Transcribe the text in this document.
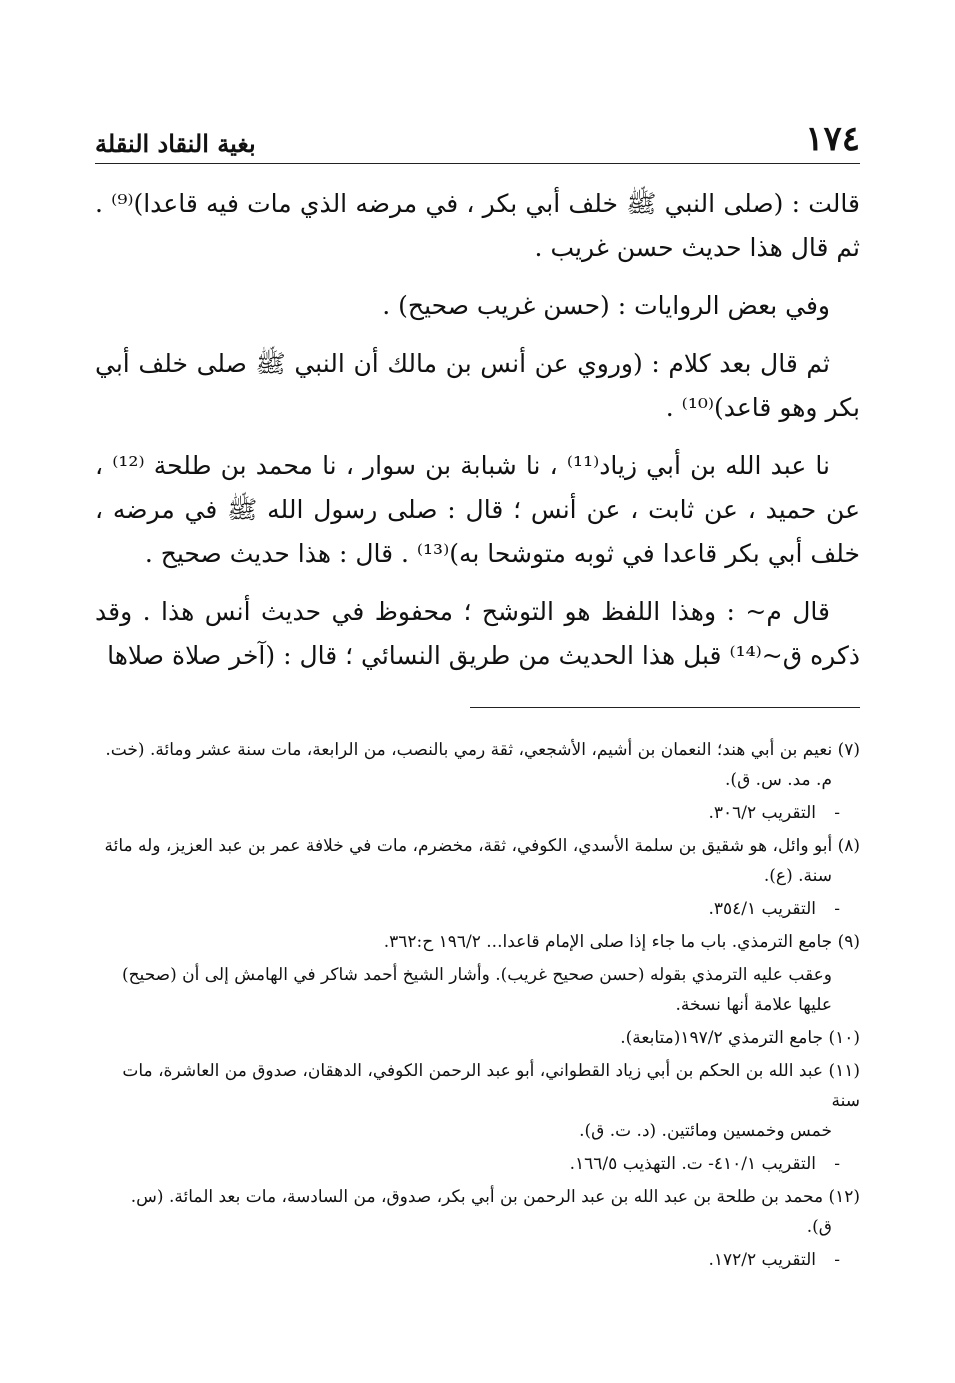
١٧٤
بغية النقاد النقلة

قالت : (صلى النبي ﷺ خلف أبي بكر ، في مرضه الذي مات فيه قاعدا)⁽⁹⁾ . ثم قال هذا حديث حسن غريب .

وفي بعض الروايات : (حسن غريب صحيح) .

ثم قال بعد كلام : (وروي عن أنس بن مالك أن النبي ﷺ صلى خلف أبي بكر وهو قاعد)⁽¹⁰⁾ .

نا عبد الله بن أبي زياد⁽¹¹⁾ ، نا شبابة بن سوار ، نا محمد بن طلحة ⁽¹²⁾ ، عن حميد ، عن ثابت ، عن أنس ؛ قال : صلى رسول الله ﷺ في مرضه ، خلف أبي بكر قاعدا في ثوبه متوشحا به)⁽¹³⁾ . قال : هذا حديث صحيح .

قال م~ : وهذا اللفظ هو التوشح ؛ محفوظ في حديث أنس هذا . وقد ذكره ق~⁽¹⁴⁾ قبل هذا الحديث من طريق النسائي ؛ قال : (آخر صلاة صلاها

(٧) نعيم بن أبي هند؛ النعمان بن أشيم، الأشجعي، ثقة رمي بالنصب، من الرابعة، مات سنة عشر ومائة. (خت.
م. مد. س. ق).
-التقريب ٣٠٦/٢.
(٨) أبو وائل، هو شقيق بن سلمة الأسدي، الكوفي، ثقة، مخضرم، مات في خلافة عمر بن عبد العزيز، وله مائة
سنة. (ع).
-التقريب ٣٥٤/١.
(٩) جامع الترمذي. باب ما جاء إذا صلى الإمام قاعدا... ١٩٦/٢ ح:٣٦٢.
وعقب عليه الترمذي بقوله (حسن صحيح غريب). وأشار الشيخ أحمد شاكر في الهامش إلى أن (صحيح)
عليها علامة أنها نسخة.
(١٠) جامع الترمذي ١٩٧/٢(متابعة).
(١١) عبد الله بن الحكم بن أبي زياد القطواني، أبو عبد الرحمن الكوفي، الدهقان، صدوق من العاشرة، مات سنة
خمس وخمسين ومائتين. (د. ت. ق).
-التقريب ٤١٠/١- ت. التهذيب ١٦٦/٥.
(١٢) محمد بن طلحة بن عبد الله بن عبد الرحمن بن أبي بكر، صدوق، من السادسة، مات بعد المائة. (س.
ق).
-التقريب ١٧٢/٢.
